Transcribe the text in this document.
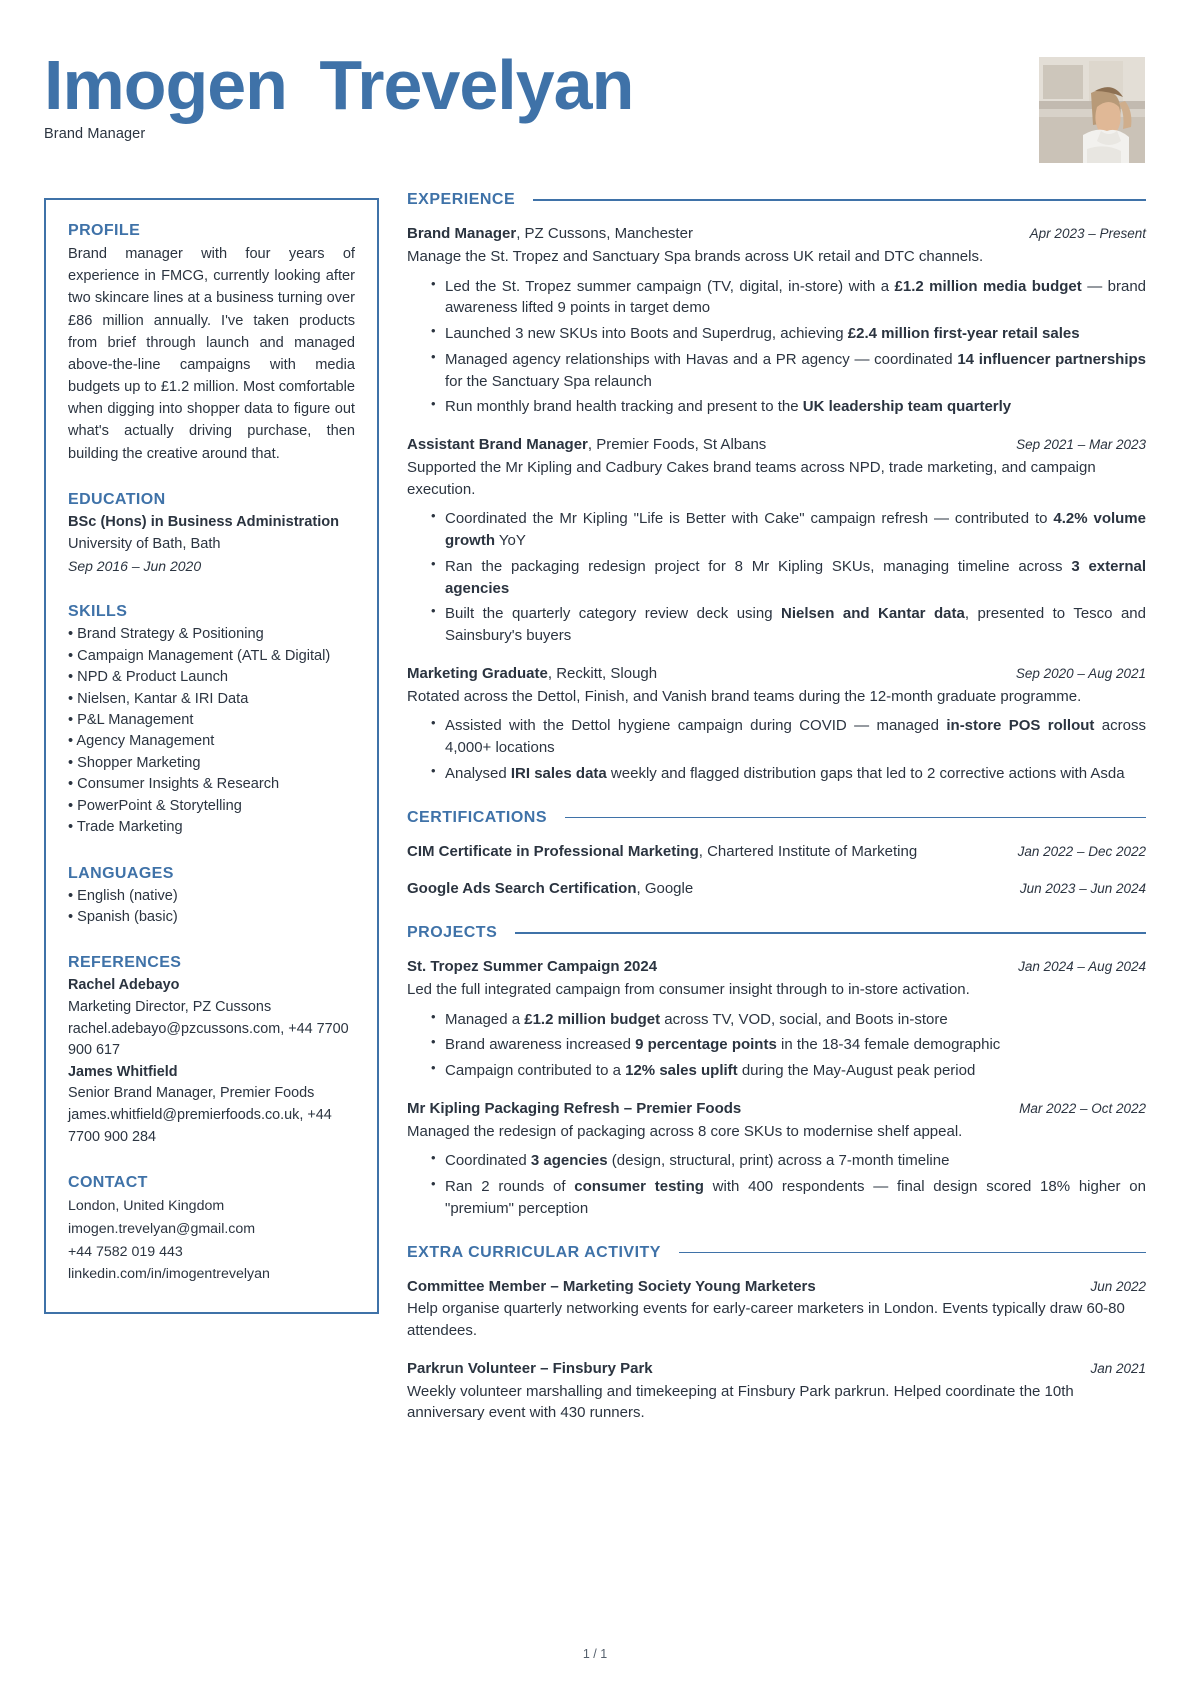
Imogen Trevelyan
Brand Manager
PROFILE
Brand manager with four years of experience in FMCG, currently looking after two skincare lines at a business turning over £86 million annually. I've taken products from brief through launch and managed above-the-line campaigns with media budgets up to £1.2 million. Most comfortable when digging into shopper data to figure out what's actually driving purchase, then building the creative around that.
EDUCATION
BSc (Hons) in Business Administration
University of Bath, Bath
Sep 2016 – Jun 2020
SKILLS
• Brand Strategy & Positioning
• Campaign Management (ATL & Digital)
• NPD & Product Launch
• Nielsen, Kantar & IRI Data
• P&L Management
• Agency Management
• Shopper Marketing
• Consumer Insights & Research
• PowerPoint & Storytelling
• Trade Marketing
LANGUAGES
• English (native)
• Spanish (basic)
REFERENCES
Rachel Adebayo
Marketing Director, PZ Cussons
rachel.adebayo@pzcussons.com, +44 7700 900 617
James Whitfield
Senior Brand Manager, Premier Foods
james.whitfield@premierfoods.co.uk, +44 7700 900 284
CONTACT
London, United Kingdom
imogen.trevelyan@gmail.com
+44 7582 019 443
linkedin.com/in/imogentrevelyan
EXPERIENCE
Brand Manager, PZ Cussons, Manchester	Apr 2023 – Present
Manage the St. Tropez and Sanctuary Spa brands across UK retail and DTC channels.
• Led the St. Tropez summer campaign (TV, digital, in-store) with a £1.2 million media budget — brand awareness lifted 9 points in target demo
• Launched 3 new SKUs into Boots and Superdrug, achieving £2.4 million first-year retail sales
• Managed agency relationships with Havas and a PR agency — coordinated 14 influencer partnerships for the Sanctuary Spa relaunch
• Run monthly brand health tracking and present to the UK leadership team quarterly
Assistant Brand Manager, Premier Foods, St Albans	Sep 2021 – Mar 2023
Supported the Mr Kipling and Cadbury Cakes brand teams across NPD, trade marketing, and campaign execution.
• Coordinated the Mr Kipling "Life is Better with Cake" campaign refresh — contributed to 4.2% volume growth YoY
• Ran the packaging redesign project for 8 Mr Kipling SKUs, managing timeline across 3 external agencies
• Built the quarterly category review deck using Nielsen and Kantar data, presented to Tesco and Sainsbury's buyers
Marketing Graduate, Reckitt, Slough	Sep 2020 – Aug 2021
Rotated across the Dettol, Finish, and Vanish brand teams during the 12-month graduate programme.
• Assisted with the Dettol hygiene campaign during COVID — managed in-store POS rollout across 4,000+ locations
• Analysed IRI sales data weekly and flagged distribution gaps that led to 2 corrective actions with Asda
CERTIFICATIONS
CIM Certificate in Professional Marketing, Chartered Institute of Marketing	Jan 2022 – Dec 2022
Google Ads Search Certification, Google	Jun 2023 – Jun 2024
PROJECTS
St. Tropez Summer Campaign 2024	Jan 2024 – Aug 2024
Led the full integrated campaign from consumer insight through to in-store activation.
• Managed a £1.2 million budget across TV, VOD, social, and Boots in-store
• Brand awareness increased 9 percentage points in the 18-34 female demographic
• Campaign contributed to a 12% sales uplift during the May-August peak period
Mr Kipling Packaging Refresh – Premier Foods	Mar 2022 – Oct 2022
Managed the redesign of packaging across 8 core SKUs to modernise shelf appeal.
• Coordinated 3 agencies (design, structural, print) across a 7-month timeline
• Ran 2 rounds of consumer testing with 400 respondents — final design scored 18% higher on "premium" perception
EXTRA CURRICULAR ACTIVITY
Committee Member – Marketing Society Young Marketers	Jun 2022
Help organise quarterly networking events for early-career marketers in London. Events typically draw 60-80 attendees.
Parkrun Volunteer – Finsbury Park	Jan 2021
Weekly volunteer marshalling and timekeeping at Finsbury Park parkrun. Helped coordinate the 10th anniversary event with 430 runners.
1 / 1
